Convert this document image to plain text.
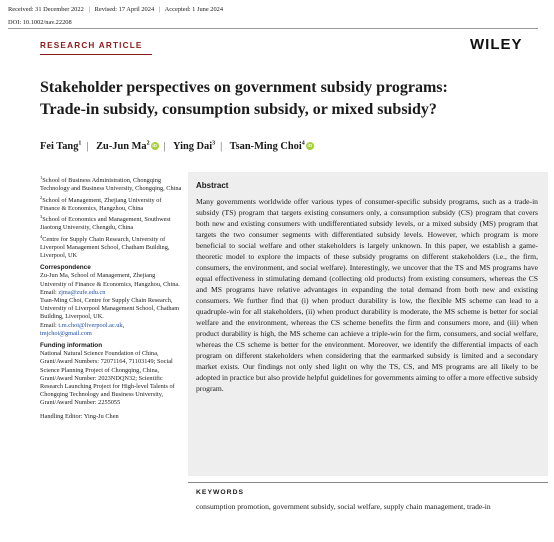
Received: 31 December 2022 | Revised: 17 April 2024 | Accepted: 1 June 2024
DOI: 10.1002/nav.22208
RESEARCH ARTICLE	WILEY
Stakeholder perspectives on government subsidy programs:
Trade-in subsidy, consumption subsidy, or mixed subsidy?
Fei Tang$^1$ | Zu-Jun Ma$^2$ iD | Ying Dai$^3$ | Tsan-Ming Choi$^4$ iD

$^1$School of Business Administration, Chongqing Technology and Business University, Chongqing, China

$^2$School of Management, Zhejiang University of Finance & Economics, Hangzhou, China

$^3$School of Economics and Management, Southwest Jiaotong University, Chengdu, China

$^4$Centre for Supply Chain Research, University of Liverpool Management School, Chatham Building, Liverpool, UK

Correspondence

Zu-Jun Ma, School of Management, Zhejiang University of Finance & Economics, Hangzhou, China.

Email: zjma@zufe.edu.cn

Tsan-Ming Choi, Centre for Supply Chain Research, University of Liverpool Management School, Chatham Building, Liverpool, UK.

Email: t.m.choi@liverpool.ac.uk,

tmjchoi@gmail.com

Funding information

National Natural Science Foundation of China, Grant/Award Numbers: 72071164, 71103149; Social Science Planning Project of Chongqing, China, Grant/Award Number: 2023NDQN32; Scientific Research Launching Project for High-level Talents of Chongqing Technology and Business University, Grant/Award Number: 2255055

Handling Editor: Ying-Ju Chen

Abstract
Many governments worldwide offer various types of consumer-specific subsidy programs, such as a trade-in subsidy (TS) program that targets existing consumers only, a consumption subsidy (CS) program that covers both new and existing consumers with undifferentiated subsidy levels, or a mixed subsidy (MS) program that targets the two consumer segments with differentiated subsidy levels. However, which program is more beneficial to social welfare and other stakeholders is largely unknown. In this paper, we establish a game-theoretic model to explore the impacts of these subsidy programs on different stakeholders (i.e., the firm, consumers, the environment, and social welfare). Interestingly, we uncover that the TS and MS programs have equal effectiveness in stimulating demand (collecting old products) from existing consumers, whereas the CS and MS programs have relative advantages in expanding the total demand from both new and existing consumers. We further find that (i) when product durability is low, the flexible MS scheme can lead to a quadruple-win for all stakeholders, (ii) when product durability is moderate, the MS scheme is better for social welfare and the environment, whereas the CS scheme benefits the firm and consumers more, and (iii) when product durability is high, the MS scheme can achieve a triple-win for the firm, consumers, and social welfare, whereas the CS scheme is better for the environment. Moreover, we identify the differential impacts of each program on different stakeholders when considering that the earmarked subsidy is limited and a secondary market exists. Our findings not only shed light on why the TS, CS, and MS programs are all likely to be adopted in practice but also provide helpful guidelines for governments aiming to offer a more effective subsidy program.
KEYWORDS
consumption promotion, government subsidy, social welfare, supply chain management, trade-in
